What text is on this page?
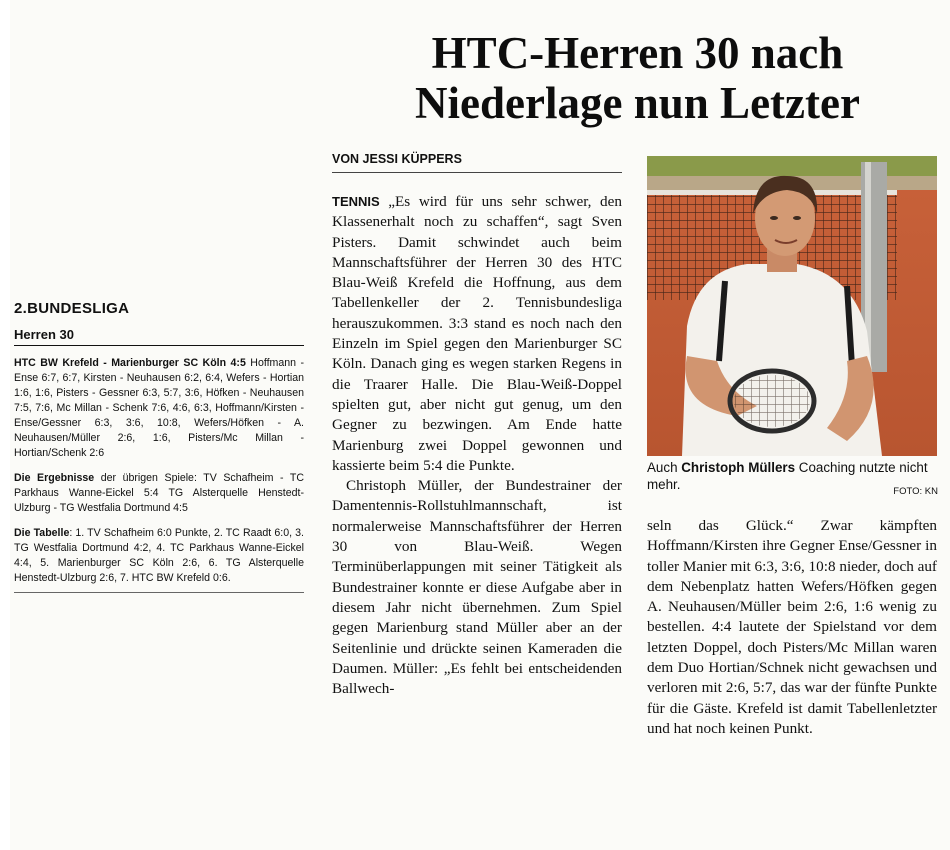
2.BUNDESLIGA
Herren 30

HTC BW Krefeld - Marienburger SC Köln 4:5 Hoffmann - Ense 6:7, 6:7, Kirsten - Neuhausen 6:2, 6:4, Wefers - Hortian 1:6, 1:6, Pisters - Gessner 6:3, 5:7, 3:6, Höfken - Neuhausen 7:5, 7:6, Mc Millan - Schenk 7:6, 4:6, 6:3, Hoffmann/Kirsten - Ense/Gessner 6:3, 3:6, 10:8, Wefers/Höfken - A. Neuhausen/Müller 2:6, 1:6, Pisters/Mc Millan - Hortian/Schenk 2:6

Die Ergebnisse der übrigen Spiele: TV Schafheim - TC Parkhaus Wanne-Eickel 5:4 TG Alsterquelle Henstedt-Ulzburg - TG Westfalia Dortmund 4:5

Die Tabelle: 1. TV Schafheim 6:0 Punkte, 2. TC Raadt 6:0, 3. TG Westfalia Dortmund 4:2, 4. TC Parkhaus Wanne-Eickel 4:4, 5. Marienburger SC Köln 2:6, 6. TG Alsterquelle Henstedt-Ulzburg 2:6, 7. HTC BW Krefeld 0:6.

HTC-Herren 30 nach
Niederlage nun Letzter
VON JESSI KÜPPERS
TENNIS „Es wird für uns sehr schwer, den Klassenerhalt noch zu schaffen“, sagt Sven Pisters. Damit schwindet auch beim Mannschaftsführer der Herren 30 des HTC Blau-Weiß Krefeld die Hoffnung, aus dem Tabellenkeller der 2. Tennisbundesliga herauszukommen. 3:3 stand es noch nach den Einzeln im Spiel gegen den Marienburger SC Köln. Danach ging es wegen starken Regens in die Traarer Halle. Die Blau-Weiß-Doppel spielten gut, aber nicht gut genug, um den Gegner zu bezwingen. Am Ende hatte Marienburg zwei Doppel gewonnen und kassierte beim 5:4 die Punkte.
Christoph Müller, der Bundestrainer der Damentennis-Rollstuhlmannschaft, ist normalerweise Mannschaftsführer der Herren 30 von Blau-Weiß. Wegen Terminüberlappungen mit seiner Tätigkeit als Bundestrainer konnte er diese Aufgabe aber in diesem Jahr nicht übernehmen. Zum Spiel gegen Marienburg stand Müller aber an der Seitenlinie und drückte seinen Kameraden die Daumen. Müller: „Es fehlt bei entscheidenden Ballwech-
Auch Christoph Müllers Coaching nutzte nicht mehr.	FOTO: KN
seln das Glück.“ Zwar kämpften Hoffmann/Kirsten ihre Gegner Ense/Gessner in toller Manier mit 6:3, 3:6, 10:8 nieder, doch auf dem Nebenplatz hatten Wefers/Höfken gegen A. Neuhausen/Müller beim 2:6, 1:6 wenig zu bestellen. 4:4 lautete der Spielstand vor dem letzten Doppel, doch Pisters/Mc Millan waren dem Duo Hortian/Schnek nicht gewachsen und verloren mit 2:6, 5:7, das war der fünfte Punkte für die Gäste. Krefeld ist damit Tabellenletzter und hat noch keinen Punkt.
